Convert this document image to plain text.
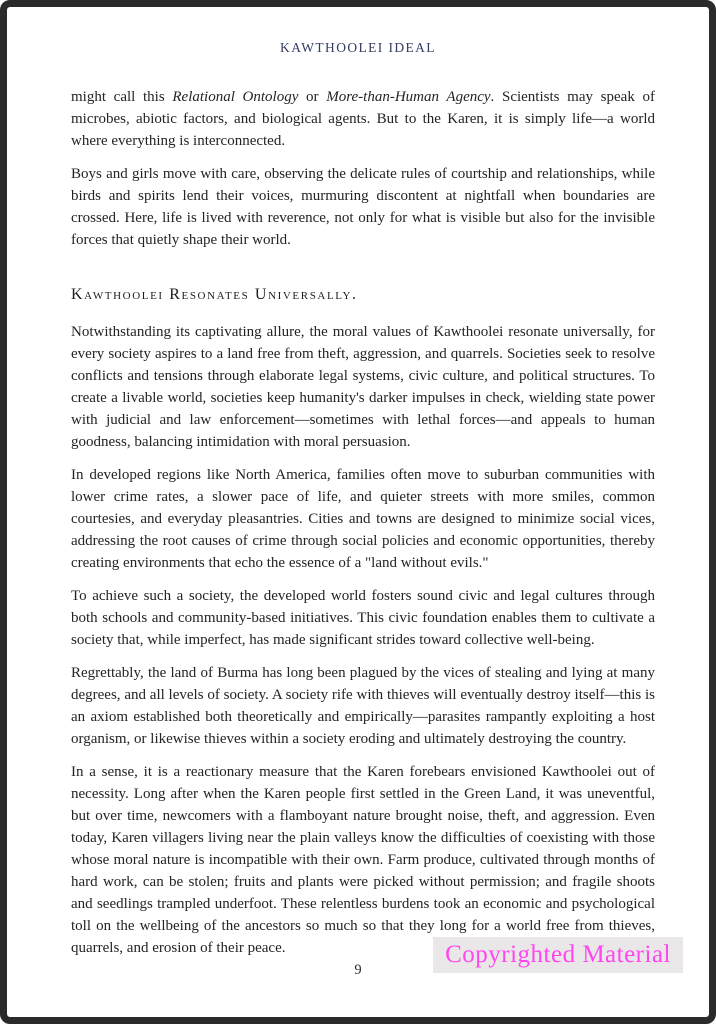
KAWTHOOLEI IDEAL

might call this Relational Ontology or More-than-Human Agency. Scientists may speak of microbes, abiotic factors, and biological agents. But to the Karen, it is simply life—a world where everything is interconnected.

Boys and girls move with care, observing the delicate rules of courtship and relationships, while birds and spirits lend their voices, murmuring discontent at nightfall when boundaries are crossed. Here, life is lived with reverence, not only for what is visible but also for the invisible forces that quietly shape their world.

Kawthoolei Resonates Universally.

Notwithstanding its captivating allure, the moral values of Kawthoolei resonate universally, for every society aspires to a land free from theft, aggression, and quarrels. Societies seek to resolve conflicts and tensions through elaborate legal systems, civic culture, and political structures. To create a livable world, societies keep humanity's darker impulses in check, wielding state power with judicial and law enforcement—sometimes with lethal forces—and appeals to human goodness, balancing intimidation with moral persuasion.

In developed regions like North America, families often move to suburban communities with lower crime rates, a slower pace of life, and quieter streets with more smiles, common courtesies, and everyday pleasantries. Cities and towns are designed to minimize social vices, addressing the root causes of crime through social policies and economic opportunities, thereby creating environments that echo the essence of a "land without evils."

To achieve such a society, the developed world fosters sound civic and legal cultures through both schools and community-based initiatives. This civic foundation enables them to cultivate a society that, while imperfect, has made significant strides toward collective well-being.

Regrettably, the land of Burma has long been plagued by the vices of stealing and lying at many degrees, and all levels of society. A society rife with thieves will eventually destroy itself—this is an axiom established both theoretically and empirically—parasites rampantly exploiting a host organism, or likewise thieves within a society eroding and ultimately destroying the country.

In a sense, it is a reactionary measure that the Karen forebears envisioned Kawthoolei out of necessity. Long after when the Karen people first settled in the Green Land, it was uneventful, but over time, newcomers with a flamboyant nature brought noise, theft, and aggression. Even today, Karen villagers living near the plain valleys know the difficulties of coexisting with those whose moral nature is incompatible with their own. Farm produce, cultivated through months of hard work, can be stolen; fruits and plants were picked without permission; and fragile shoots and seedlings trampled underfoot. These relentless burdens took an economic and psychological toll on the wellbeing of the ancestors so much so that they long for a world free from thieves, quarrels, and erosion of their peace.	Copyrighted Material
9
